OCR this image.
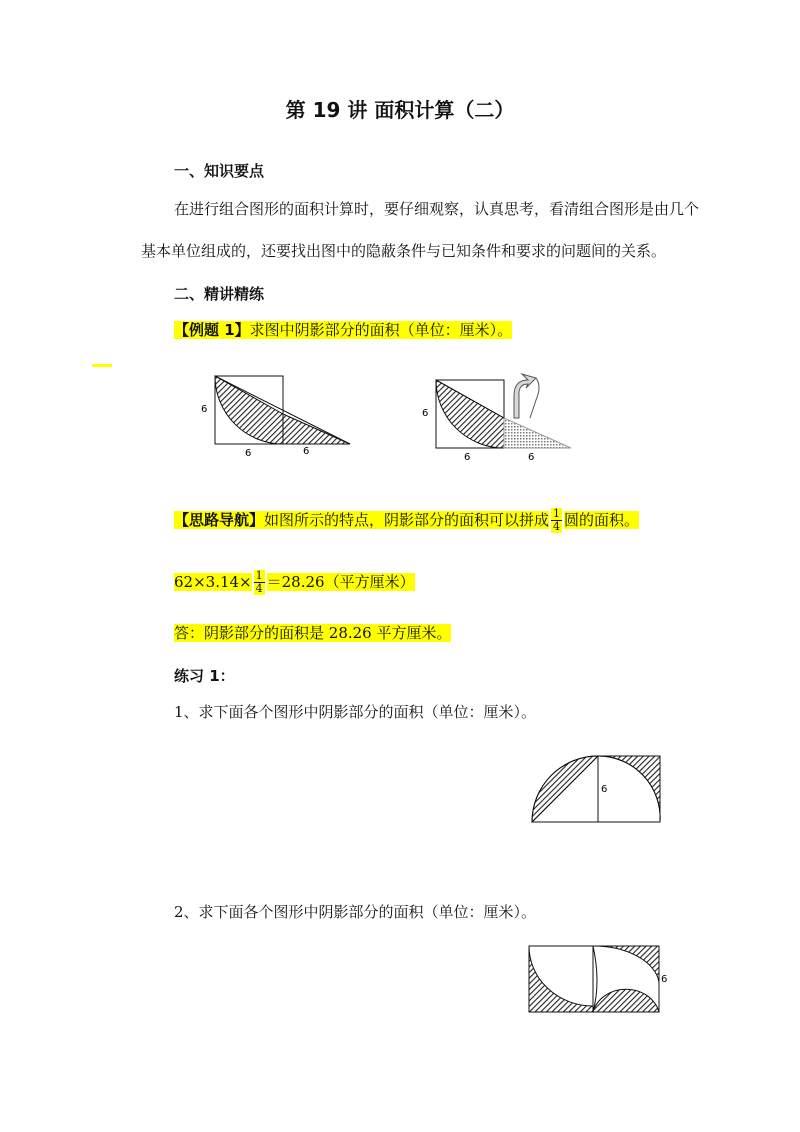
第 19 讲 面积计算（二）
一、知识要点
在进行组合图形的面积计算时，要仔细观察，认真思考，看清组合图形是由几个
基本单位组成的，还要找出图中的隐蔽条件与已知条件和要求的问题间的关系。
二、精讲精练
【例题 1】求图中阴影部分的面积（单位：厘米）。
6
6	6
6
6	6
【思路导航】如图所示的特点，阴影部分的面积可以拼成 $\frac{1}{4}$ 圆的面积。
$62\times 3.14\times \frac{1}{4} =28.26$（平方厘米）
答：阴影部分的面积是 28.26 平方厘米。
练习 1：
1、求下面各个图形中阴影部分的面积（单位：厘米）。
6
2、求下面各个图形中阴影部分的面积（单位：厘米）。
6
